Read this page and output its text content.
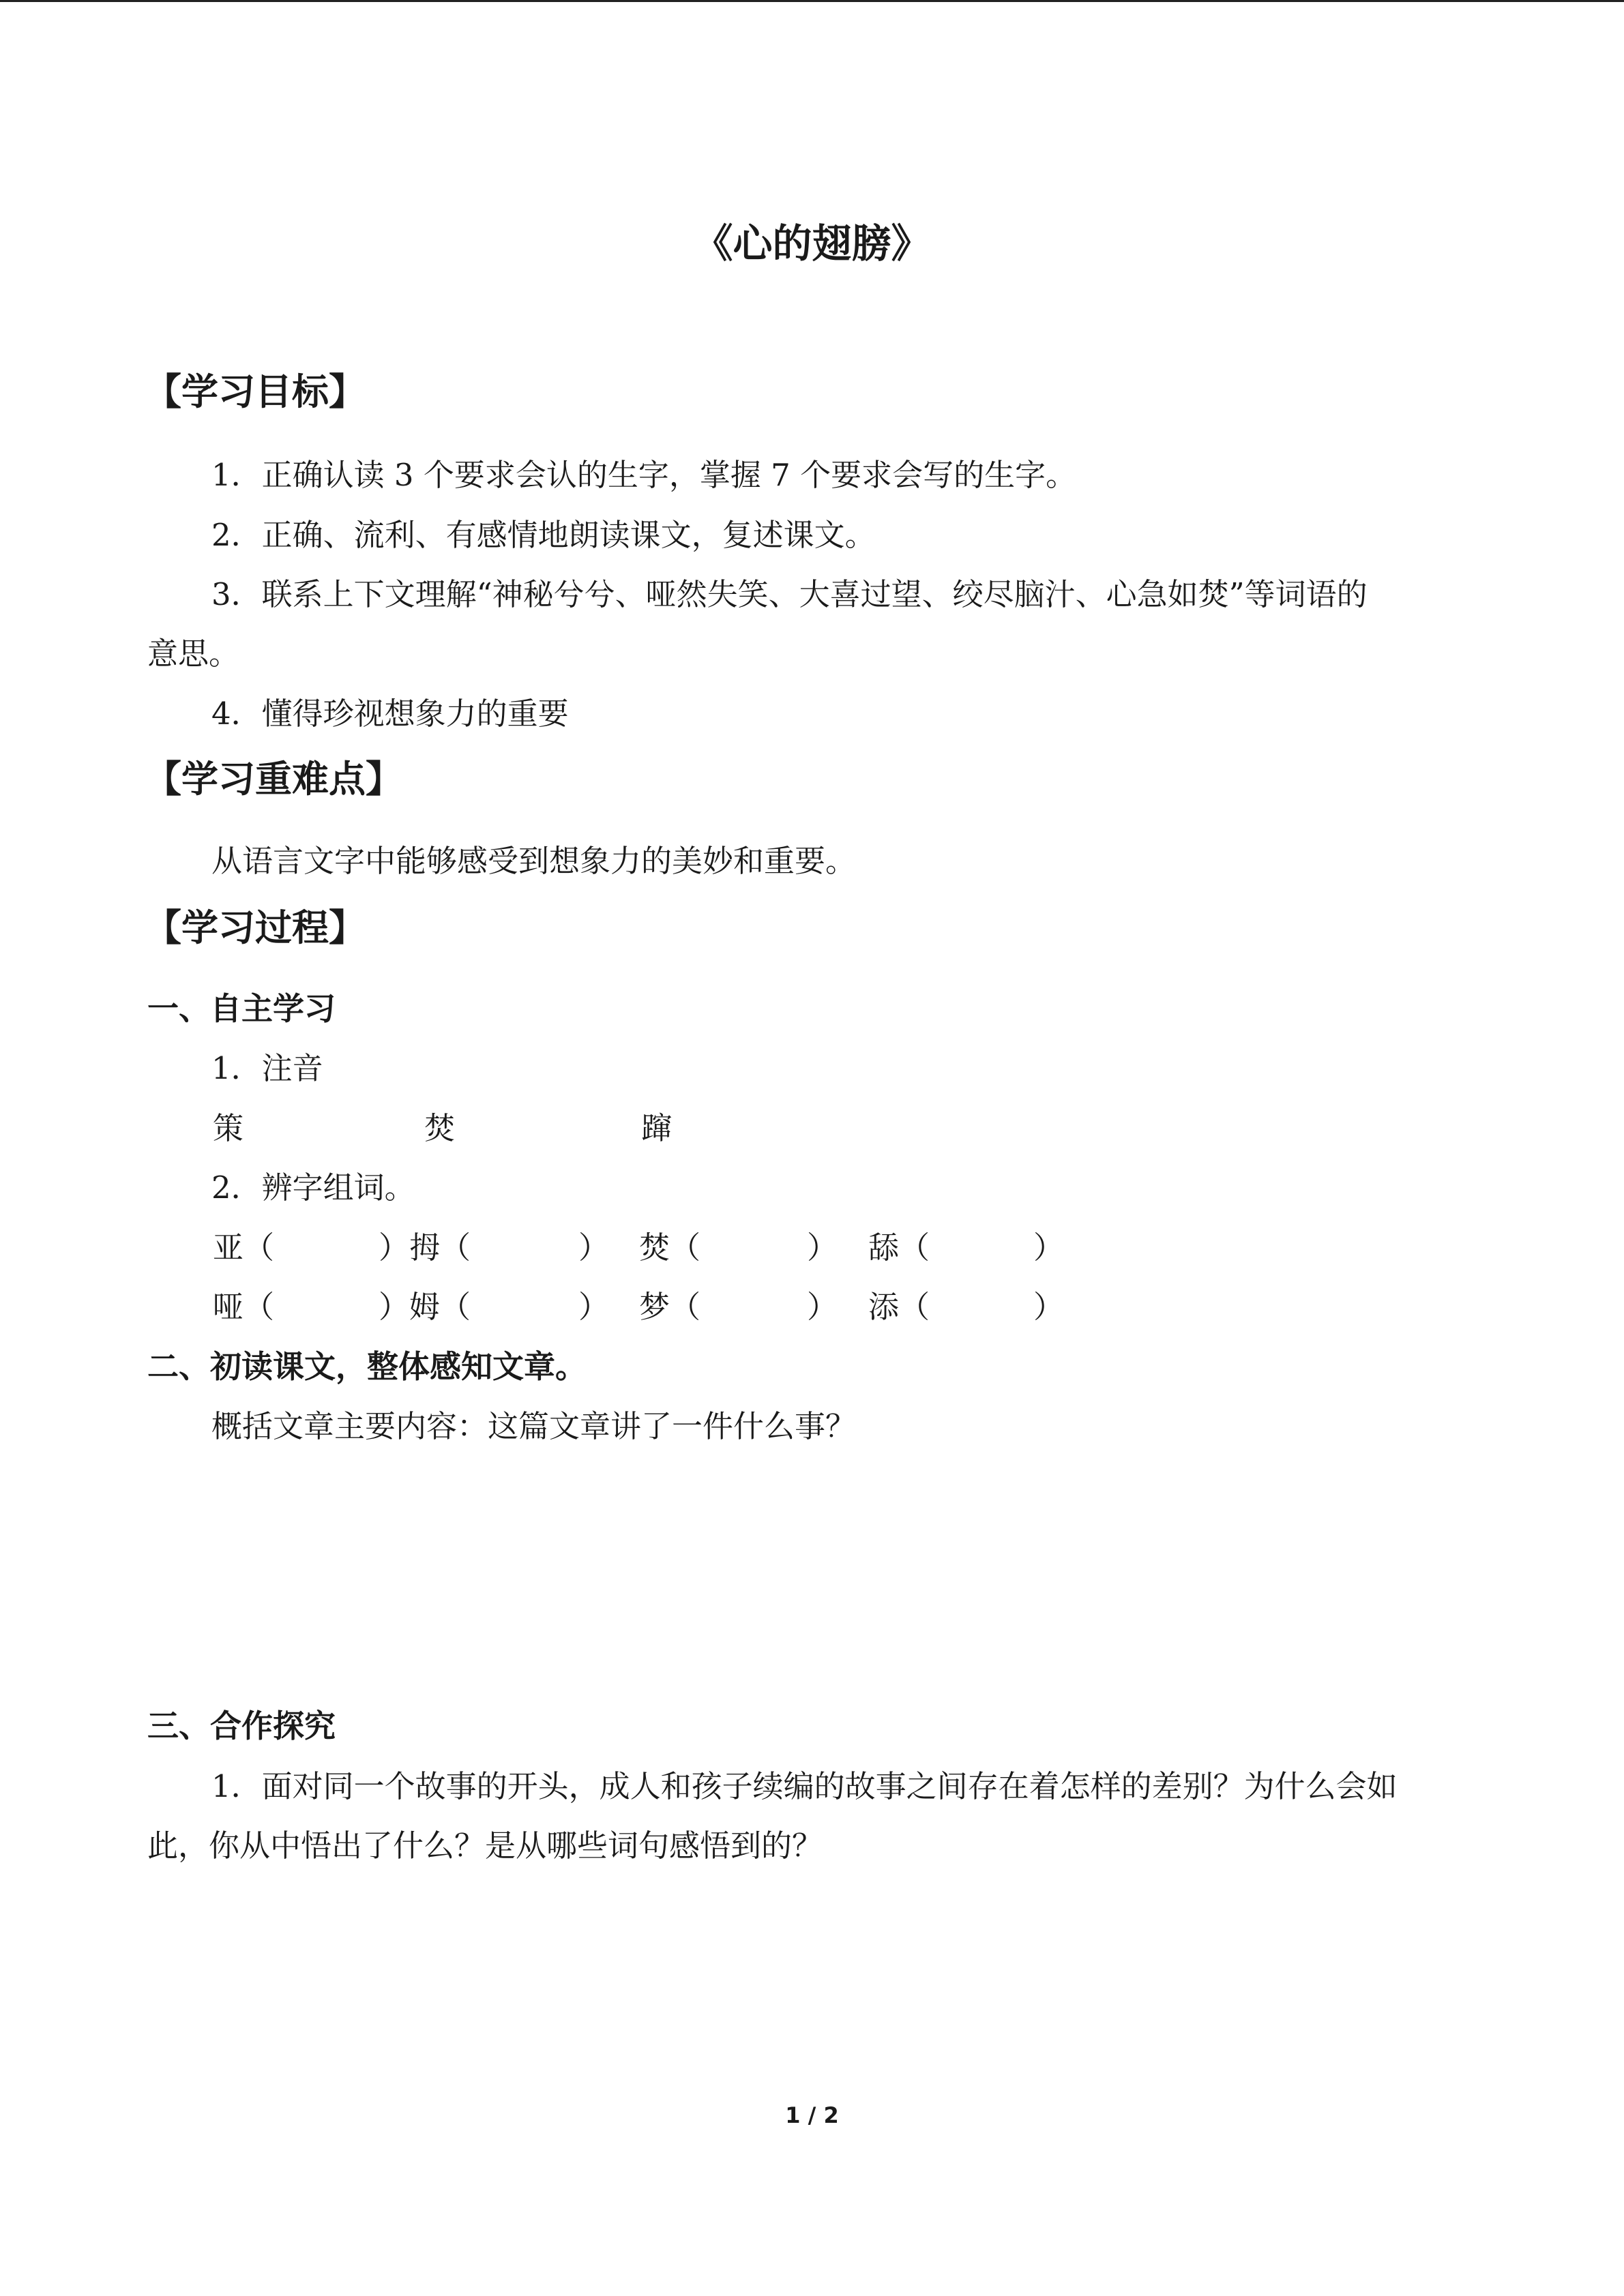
《心的翅膀》
【学习目标】

1．正确认读 3 个要求会认的生字，掌握 7 个要求会写的生字。

2．正确、流利、有感情地朗读课文，复述课文。

3．联系上下文理解“神秘兮兮、哑然失笑、大喜过望、绞尽脑汁、心急如焚”等词语的

意思。

4．懂得珍视想象力的重要

【学习重难点】

从语言文字中能够感受到想象力的美妙和重要。

【学习过程】
一、自主学习

1．注音

策	焚	蹿

2．辨字组词。

亚（	）拇（	） 焚（	） 舔（	）
哑（	）姆（	） 梦（	） 添（	）
二、初读课文，整体感知文章。

概括文章主要内容：这篇文章讲了一件什么事？

三、合作探究

1．面对同一个故事的开头，成人和孩子续编的故事之间存在着怎样的差别？为什么会如

此，你从中悟出了什么？是从哪些词句感悟到的？

1 / 2
